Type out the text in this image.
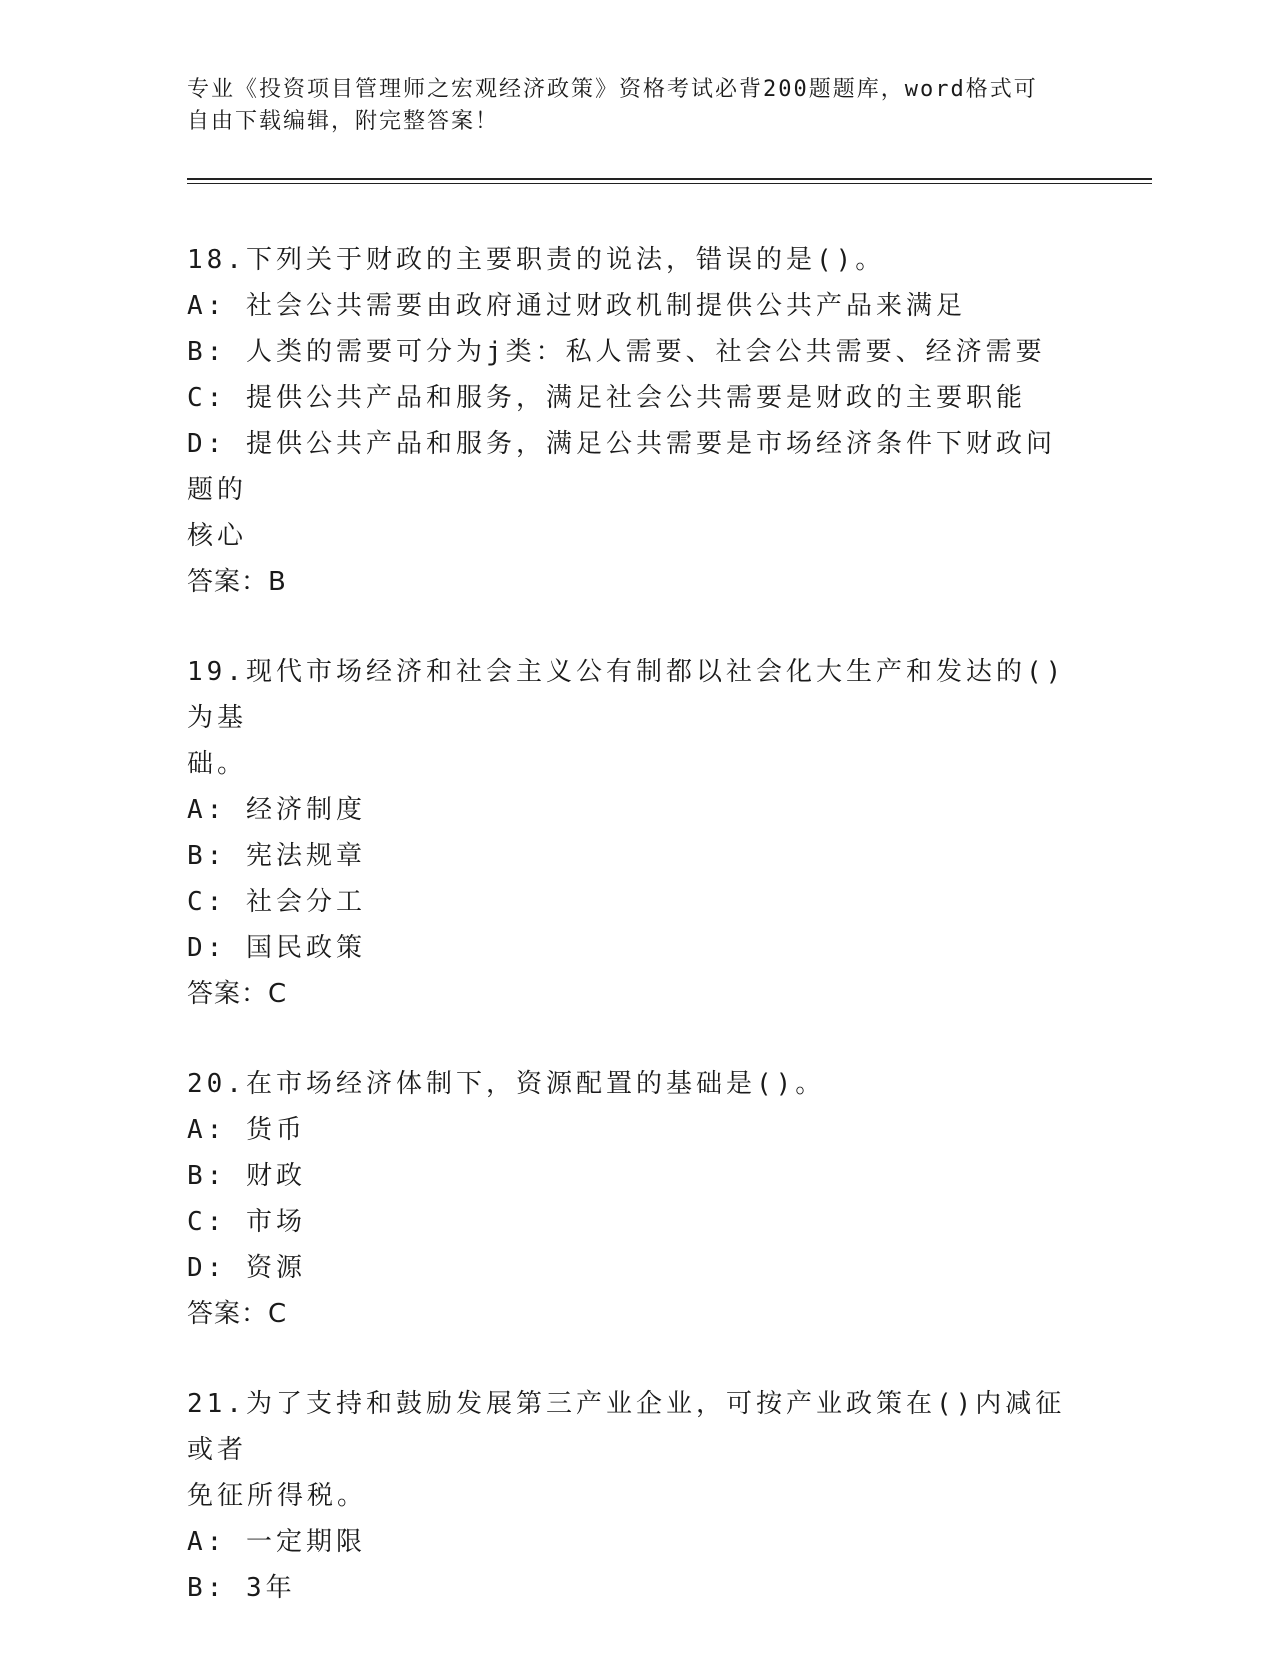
专业《投资项目管理师之宏观经济政策》资格考试必背200题题库，word格式可
自由下载编辑，附完整答案！
18.下列关于财政的主要职责的说法，错误的是()。
A: 社会公共需要由政府通过财政机制提供公共产品来满足
B: 人类的需要可分为j类：私人需要、社会公共需要、经济需要
C: 提供公共产品和服务，满足社会公共需要是财政的主要职能
D: 提供公共产品和服务，满足公共需要是市场经济条件下财政问题的
核心
答案：B
19.现代市场经济和社会主义公有制都以社会化大生产和发达的()为基
础。
A: 经济制度
B: 宪法规章
C: 社会分工
D: 国民政策
答案：C
20.在市场经济体制下，资源配置的基础是()。
A: 货币
B: 财政
C: 市场
D: 资源
答案：C
21.为了支持和鼓励发展第三产业企业，可按产业政策在()内减征或者
免征所得税。
A: 一定期限
B: 3年
